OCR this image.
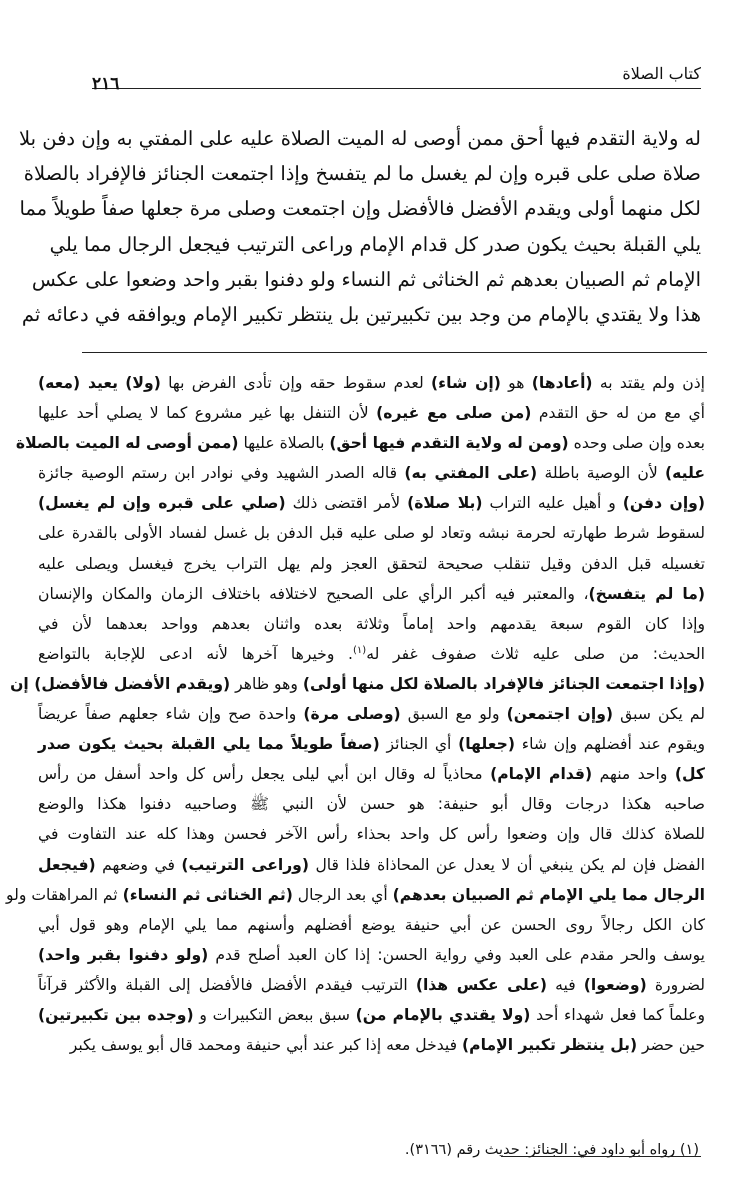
٢١٦
كتاب الصلاة
له ولاية التقدم فيها أحق ممن أوصى له الميت الصلاة عليه على المفتي به وإن دفن بلا
صلاة صلى على قبره وإن لم يغسل ما لم يتفسخ وإذا اجتمعت الجنائز فالإفراد بالصلاة
لكل منهما أولى ويقدم الأفضل فالأفضل وإن اجتمعت وصلى مرة جعلها صفاً طويلاً مما
يلي القبلة بحيث يكون صدر كل قدام الإمام وراعى الترتيب فيجعل الرجال مما يلي
الإمام ثم الصبيان بعدهم ثم الخناثى ثم النساء ولو دفنوا بقبر واحد وضعوا على عكس
هذا ولا يقتدي بالإمام من وجد بين تكبيرتين بل ينتظر تكبير الإمام ويوافقه في دعائه ثم
إذن ولم يقتد به (أعادها) هو (إن شاء) لعدم سقوط حقه وإن تأدى الفرض بها (ولا) يعيد (معه)
أي مع من له حق التقدم (من صلى مع غيره) لأن التنفل بها غير مشروع كما لا يصلي أحد عليها
بعده وإن صلى وحده (ومن له ولاية التقدم فيها أحق) بالصلاة عليها (ممن أوصى له الميت بالصلاة
عليه) لأن الوصية باطلة (على المفتي به) قاله الصدر الشهيد وفي نوادر ابن رستم الوصية جائزة
(وإن دفن) و أهيل عليه التراب (بلا صلاة) لأمر اقتضى ذلك (صلي على قبره وإن لم يغسل)
لسقوط شرط طهارته لحرمة نبشه وتعاد لو صلى عليه قبل الدفن بل غسل لفساد الأولى بالقدرة على
تغسيله قبل الدفن وقيل تنقلب صحيحة لتحقق العجز ولم يهل التراب يخرج فيغسل ويصلى عليه
(ما لم يتفسخ)، والمعتبر فيه أكبر الرأي على الصحيح لاختلافه باختلاف الزمان والمكان والإنسان
وإذا كان القوم سبعة يقدمهم واحد إماماً وثلاثة بعده واثنان بعدهم وواحد بعدهما لأن في
الحديث: من صلى عليه ثلاث صفوف غفر له$^{(١)}$. وخيرها آخرها لأنه ادعى للإجابة بالتواضع
(وإذا اجتمعت الجنائز فالإفراد بالصلاة لكل منها أولى) وهو ظاهر (ويقدم الأفضل فالأفضل) إن
لم يكن سبق (وإن اجتمعن) ولو مع السبق (وصلى مرة) واحدة صح وإن شاء جعلهم صفاً عريضاً
ويقوم عند أفضلهم وإن شاء (جعلها) أي الجنائز (صفاً طويلاً مما يلي القبلة بحيث يكون صدر
كل) واحد منهم (قدام الإمام) محاذياً له وقال ابن أبي ليلى يجعل رأس كل واحد أسفل من رأس
صاحبه هكذا درجات وقال أبو حنيفة: هو حسن لأن النبي ﷺ وصاحبيه دفنوا هكذا والوضع
للصلاة كذلك قال وإن وضعوا رأس كل واحد بحذاء رأس الآخر فحسن وهذا كله عند التفاوت في
الفضل فإن لم يكن ينبغي أن لا يعدل عن المحاذاة فلذا قال (وراعى الترتيب) في وضعهم (فيجعل
الرجال مما يلي الإمام ثم الصبيان بعدهم) أي بعد الرجال (ثم الخناثى ثم النساء) ثم المراهقات ولو
كان الكل رجالاً روى الحسن عن أبي حنيفة يوضع أفضلهم وأسنهم مما يلي الإمام وهو قول أبي
يوسف والحر مقدم على العبد وفي رواية الحسن: إذا كان العبد أصلح قدم (ولو دفنوا بقبر واحد)
لضرورة (وضعوا) فيه (على عكس هذا) الترتيب فيقدم الأفضل فالأفضل إلى القبلة والأكثر قرآناً
وعلماً كما فعل شهداء أحد (ولا يقتدي بالإمام من) سبق ببعض التكبيرات و (وجده بين تكبيرتين)
حين حضر (بل ينتظر تكبير الإمام) فيدخل معه إذا كبر عند أبي حنيفة ومحمد قال أبو يوسف يكبر
(١) رواه أبو داود في: الجنائز: حديث رقم (٣١٦٦).
